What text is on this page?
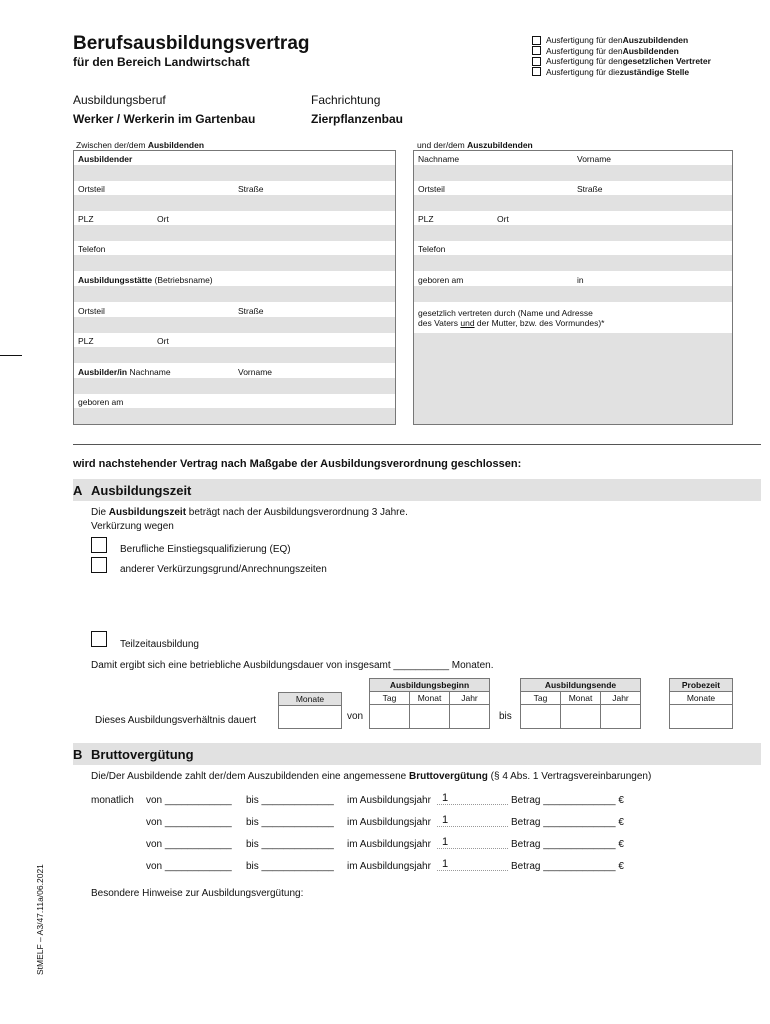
Berufsausbildungsvertrag
für den Bereich Landwirtschaft
Ausfertigung für den Auszubildenden
Ausfertigung für den Ausbildenden
Ausfertigung für den gesetzlichen Vertreter
Ausfertigung für die zuständige Stelle
Ausbildungsberuf
Werker / Werkerin im Gartenbau
Fachrichtung
Zierpflanzenbau
Zwischen der/dem Ausbildenden
Ausbildender
Ortsteil	Straße
PLZ	Ort
Telefon
Ausbildungsstätte (Betriebsname)
Ortsteil	Straße
PLZ	Ort
Ausbilder/in Nachname	Vorname
geboren am
und der/dem Auszubildenden
Nachname	Vorname
Ortsteil	Straße
PLZ	Ort
Telefon
geboren am	in
gesetzlich vertreten durch (Name und Adresse
des Vaters und der Mutter, bzw. des Vormundes)*
wird nachstehender Vertrag nach Maßgabe der Ausbildungsverordnung geschlossen:
A Ausbildungszeit
Die Ausbildungszeit beträgt nach der Ausbildungsverordnung 3 Jahre.
Verkürzung wegen
Berufliche Einstiegsqualifizierung (EQ)
anderer Verkürzungsgrund/Anrechnungszeiten
Teilzeitausbildung
Damit ergibt sich eine betriebliche Ausbildungsdauer von insgesamt __________ Monaten.
Monate
Ausbildungsbeginn
Tag	Monat	Jahr
Ausbildungsende
Tag	Monat	Jahr
Probezeit
Monate
Dieses Ausbildungsverhältnis dauert	von	bis
B Bruttovergütung
Die/Der Ausbildende zahlt der/dem Auszubildenden eine angemessene Bruttovergütung (§ 4 Abs. 1 Vertragsvereinbarungen)
monatlich von ____________ bis _____________ im Ausbildungsjahr	1	Betrag _____________ €
von ____________ bis _____________ im Ausbildungsjahr	1	Betrag _____________ €
von ____________ bis _____________ im Ausbildungsjahr	1	Betrag _____________ €
von ____________ bis _____________ im Ausbildungsjahr	1	Betrag _____________ €
Besondere Hinweise zur Ausbildungsvergütung:
StMELF – A3/47.11a/06.2021
